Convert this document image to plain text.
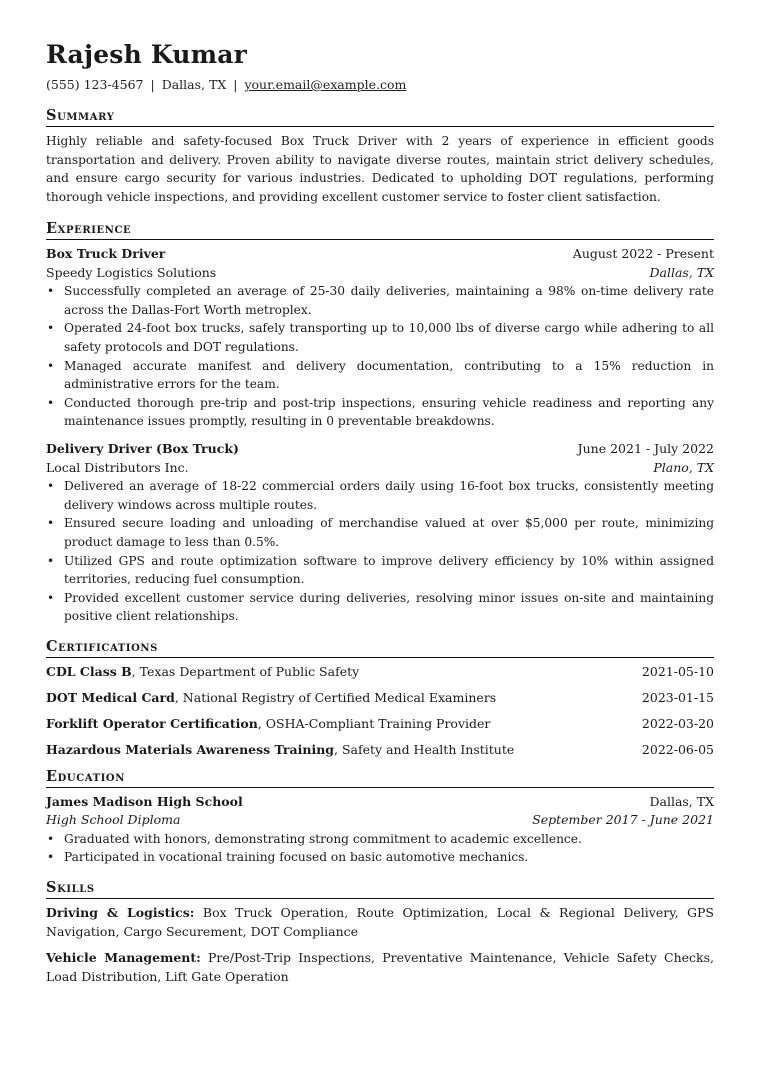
Rajesh Kumar
(555) 123-4567 | Dallas, TX | your.email@example.com
Summary
Highly reliable and safety-focused Box Truck Driver with 2 years of experience in efficient goods transportation and delivery. Proven ability to navigate diverse routes, maintain strict delivery schedules, and ensure cargo security for various industries. Dedicated to upholding DOT regulations, performing thorough vehicle inspections, and providing excellent customer service to foster client satisfaction.
Experience
Box Truck Driver	August 2022 - Present
Speedy Logistics Solutions	Dallas, TX
• Successfully completed an average of 25-30 daily deliveries, maintaining a 98% on-time delivery rate across the Dallas-Fort Worth metroplex.
• Operated 24-foot box trucks, safely transporting up to 10,000 lbs of diverse cargo while adhering to all safety protocols and DOT regulations.
• Managed accurate manifest and delivery documentation, contributing to a 15% reduction in administrative errors for the team.
• Conducted thorough pre-trip and post-trip inspections, ensuring vehicle readiness and reporting any maintenance issues promptly, resulting in 0 preventable breakdowns.
Delivery Driver (Box Truck)	June 2021 - July 2022
Local Distributors Inc.	Plano, TX
• Delivered an average of 18-22 commercial orders daily using 16-foot box trucks, consistently meeting delivery windows across multiple routes.
• Ensured secure loading and unloading of merchandise valued at over $5,000 per route, minimizing product damage to less than 0.5%.
• Utilized GPS and route optimization software to improve delivery efficiency by 10% within assigned territories, reducing fuel consumption.
• Provided excellent customer service during deliveries, resolving minor issues on-site and maintaining positive client relationships.
Certifications
CDL Class B, Texas Department of Public Safety	2021-05-10
DOT Medical Card, National Registry of Certified Medical Examiners	2023-01-15
Forklift Operator Certification, OSHA-Compliant Training Provider	2022-03-20
Hazardous Materials Awareness Training, Safety and Health Institute	2022-06-05
Education
James Madison High School	Dallas, TX
High School Diploma	September 2017 - June 2021
• Graduated with honors, demonstrating strong commitment to academic excellence.
• Participated in vocational training focused on basic automotive mechanics.
Skills
Driving & Logistics: Box Truck Operation, Route Optimization, Local & Regional Delivery, GPS Navigation, Cargo Securement, DOT Compliance
Vehicle Management: Pre/Post-Trip Inspections, Preventative Maintenance, Vehicle Safety Checks, Load Distribution, Lift Gate Operation
